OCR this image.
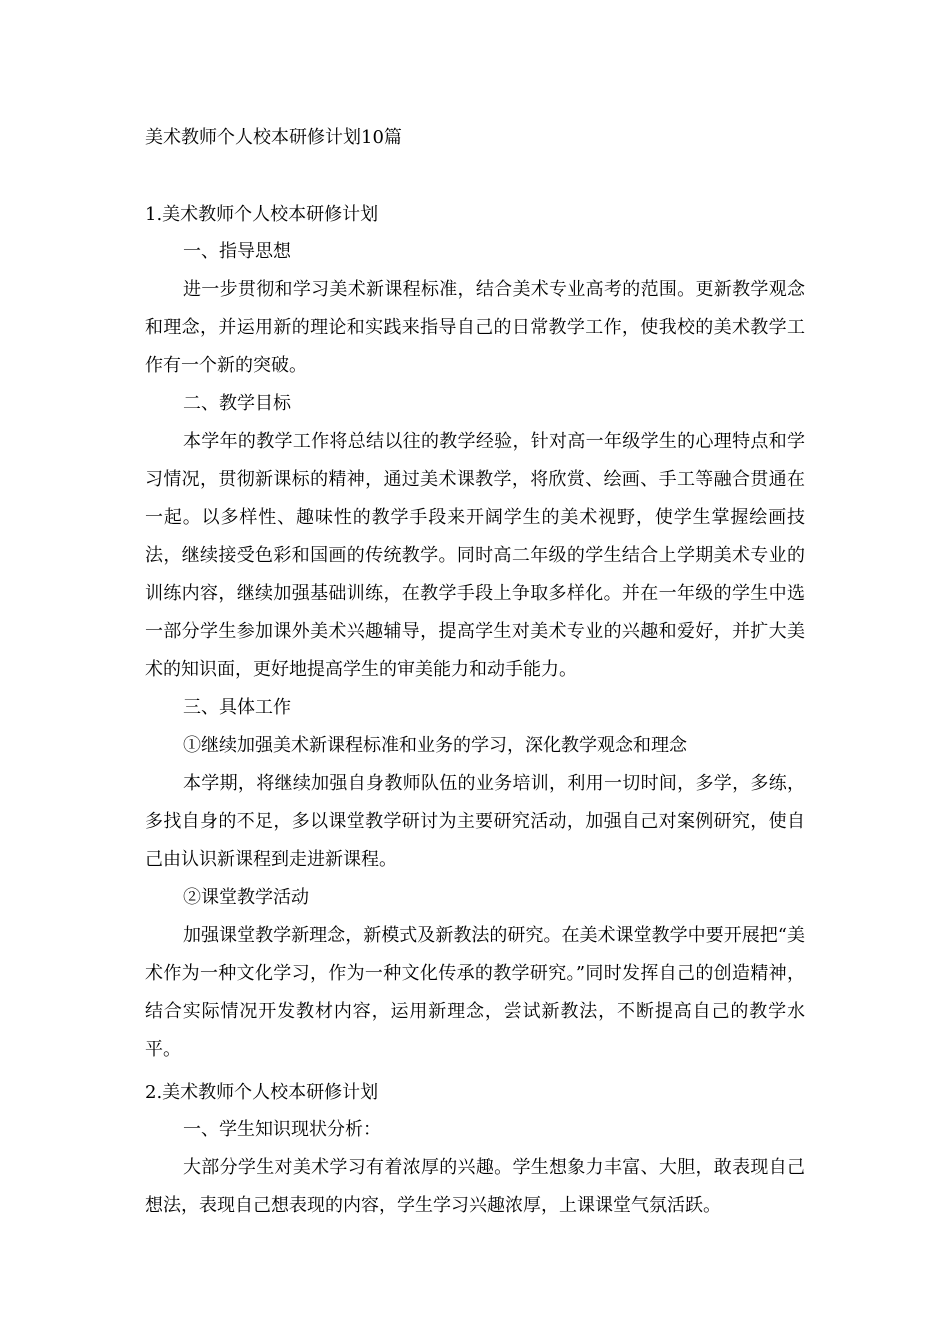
美术教师个人校本研修计划10篇
1.美术教师个人校本研修计划

一、指导思想

进一步贯彻和学习美术新课程标准，结合美术专业高考的范围。更新教学观念和理念，并运用新的理论和实践来指导自己的日常教学工作，使我校的美术教学工作有一个新的突破。

二、教学目标

本学年的教学工作将总结以往的教学经验，针对高一年级学生的心理特点和学习情况，贯彻新课标的精神，通过美术课教学，将欣赏、绘画、手工等融合贯通在一起。以多样性、趣味性的教学手段来开阔学生的美术视野，使学生掌握绘画技法，继续接受色彩和国画的传统教学。同时高二年级的学生结合上学期美术专业的训练内容，继续加强基础训练，在教学手段上争取多样化。并在一年级的学生中选一部分学生参加课外美术兴趣辅导，提高学生对美术专业的兴趣和爱好，并扩大美术的知识面，更好地提高学生的审美能力和动手能力。

三、具体工作

①继续加强美术新课程标准和业务的学习，深化教学观念和理念

本学期，将继续加强自身教师队伍的业务培训，利用一切时间，多学，多练，多找自身的不足，多以课堂教学研讨为主要研究活动，加强自己对案例研究，使自己由认识新课程到走进新课程。

②课堂教学活动

加强课堂教学新理念，新模式及新教法的研究。在美术课堂教学中要开展把“美术作为一种文化学习，作为一种文化传承的教学研究。”同时发挥自己的创造精神，结合实际情况开发教材内容，运用新理念，尝试新教法，不断提高自己的教学水平。

2.美术教师个人校本研修计划

一、学生知识现状分析：

大部分学生对美术学习有着浓厚的兴趣。学生想象力丰富、大胆，敢表现自己想法，表现自己想表现的内容，学生学习兴趣浓厚，上课课堂气氛活跃。
